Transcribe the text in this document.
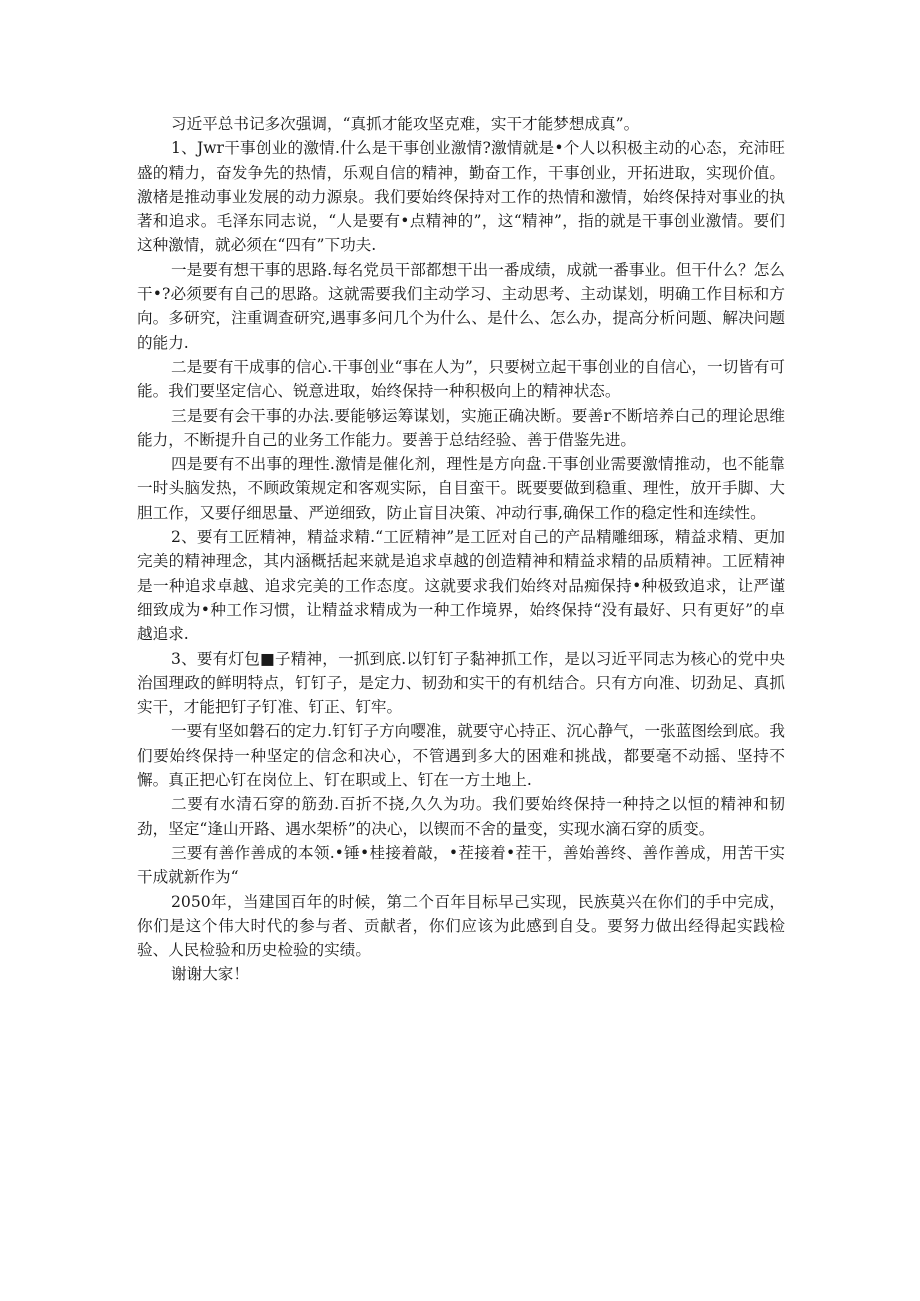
习近平总书记多次强调，“真抓才能攻坚克难，实干才能梦想成真”。

1、Jwr干事创业的激情.什么是干事创业激情?激情就是•个人以积极主动的心态，充沛旺盛的精力，奋发争先的热情，乐观自信的精神，勤奋工作，干事创业，开拓进取，实现价值。激楮是推动事业发展的动力源泉。我们要始终保持对工作的热情和激情，始终保持对事业的执著和追求。毛泽东同志说，“人是要有•点精神的”，这“精神”，指的就是干事创业激情。要们这种激情，就必须在“四有”下功夫.

一是要有想干事的思路.每名党员干部都想干出一番成绩，成就一番事业。但干什么？怎么干•?必须要有自己的思路。这就需要我们主动学习、主动思考、主动谋划，明确工作目标和方向。多研究，注重调查研究,遇事多问几个为什么、是什么、怎么办，提高分析问题、解决问题的能力.

二是要有干成事的信心.干事创业“事在人为”，只要树立起干事创业的自信心，一切皆有可能。我们要坚定信心、锐意进取，始终保持一种积极向上的精神状态。

三是要有会干事的办法.要能够运筹谋划，实施正确决断。要善r不断培养白己的理论思维能力，不断提升自己的业务工作能力。要善于总结经验、善于借鉴先进。

四是要有不出事的理性.激情是催化剂，理性是方向盘.干事创业需要激情推动，也不能靠一时头脑发热，不顾政策规定和客观实际，自目蛮干。既要要做到稳重、理性，放开手脚、大胆工作，又要仔细思量、严逆细致，防止盲目决策、冲动行事,确保工作的稳定性和连续性。

2、要有工匠精神，精益求精.“工匠精神”是工匠对自己的产品精雕细琢，精益求精、更加完美的精神理念，其内涵概括起来就是追求卓越的创造精神和精益求精的品质精神。工匠精神是一种追求卓越、追求完美的工作态度。这就要求我们始终对品痴保持•种极致追求，让严谨细致成为•种工作习惯，让精益求精成为一种工作境界，始终保持“没有最好、只有更好”的卓越追求.

3、要有灯包■子精神，一抓到底.以钉钉子黏神抓工作，是以习近平同志为核心的党中央治国理政的鲜明特点，钉钉子，是定力、韧劲和实干的有机结合。只有方向准、切劲足、真抓实干，才能把钉子钉准、钉正、钉牢。

一要有坚如磐石的定力.钉钉子方向嘤准，就要守心持正、沉心静气，一张蓝图绘到底。我们要始终保持一种坚定的信念和决心，不管遇到多大的困难和挑战，都要毫不动摇、坚持不懈。真正把心钉在岗位上、钉在职或上、钉在一方土地上.

二要有水清石穿的筋劲.百折不挠,久久为功。我们要始终保持一种持之以恒的精神和韧劲，坚定“逢山开路、遇水架桥”的决心，以锲而不舍的量变，实现水滴石穿的质变。

三要有善作善成的本领.•锤•桂接着敲，•茬接着•茬干，善始善终、善作善成，用苦干实干成就新作为“

2050年，当建国百年的时候，第二个百年目标早己实现，民族莫兴在你们的手中完成，你们是这个伟大时代的参与者、贡献者，你们应该为此感到自殳。要努力做出经得起实践检验、人民检验和历史检验的实绩。

谢谢大家！
